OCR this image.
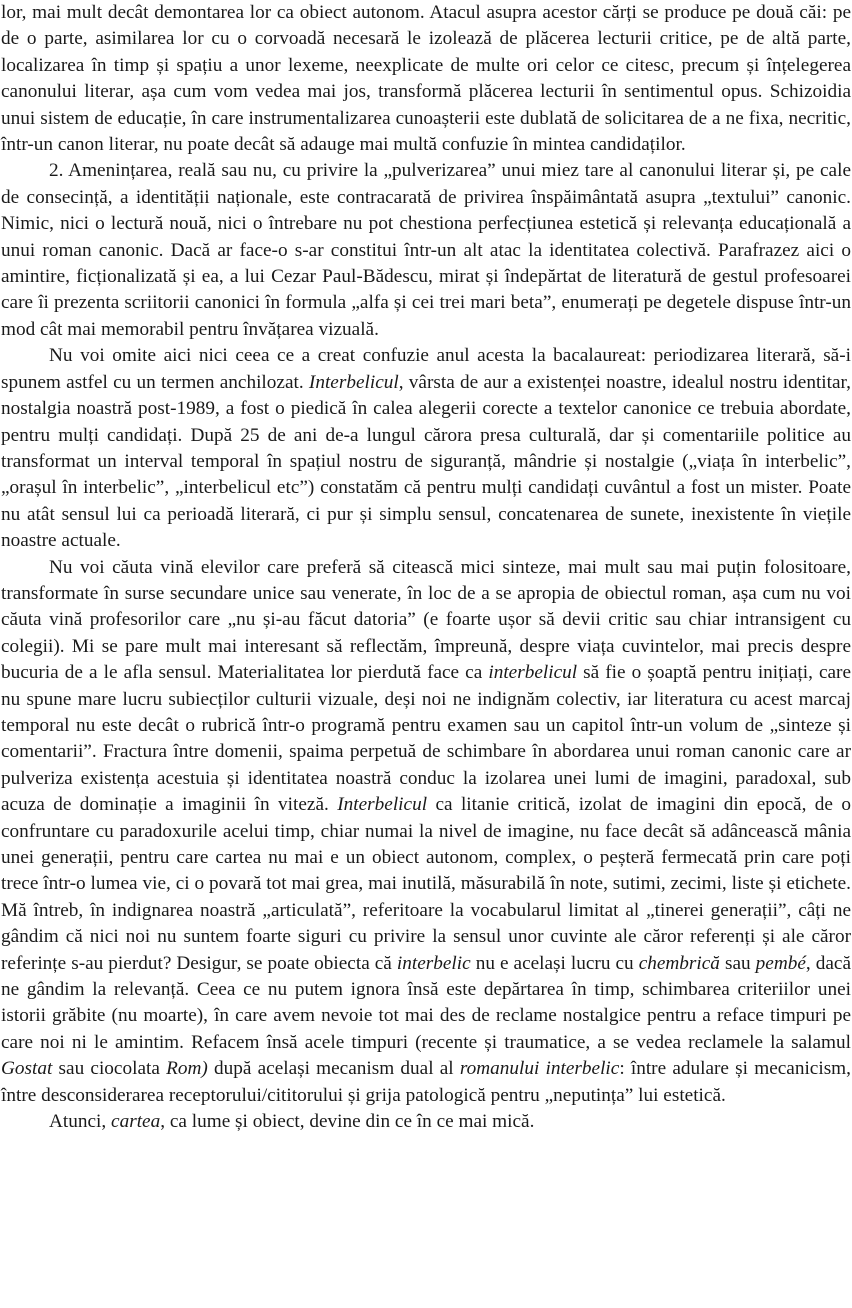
lor, mai mult decât demontarea lor ca obiect autonom. Atacul asupra acestor cărți se produce pe două căi: pe de o parte, asimilarea lor cu o corvoadă necesară le izolează de plăcerea lecturii critice, pe de altă parte, localizarea în timp și spațiu a unor lexeme, neexplicate de multe ori celor ce citesc, precum și înțelegerea canonului literar, așa cum vom vedea mai jos, transformă plăcerea lecturii în sentimentul opus. Schizoidia unui sistem de educație, în care instrumentalizarea cunoașterii este dublată de solicitarea de a ne fixa, necritic, într-un canon literar, nu poate decât să adauge mai multă confuzie în mintea candidaților.

2. Amenințarea, reală sau nu, cu privire la „pulverizarea” unui miez tare al canonului literar și, pe cale de consecință, a identității naționale, este contracarată de privirea înspăimântată asupra „textului” canonic. Nimic, nici o lectură nouă, nici o întrebare nu pot chestiona perfecțiunea estetică și relevanța educațională a unui roman canonic. Dacă ar face-o s-ar constitui într-un alt atac la identitatea colectivă. Parafrazez aici o amintire, ficționalizată și ea, a lui Cezar Paul-Bădescu, mirat și îndepărtat de literatură de gestul profesoarei care îi prezenta scriitorii canonici în formula „alfa și cei trei mari beta”, enumerați pe degetele dispuse într-un mod cât mai memorabil pentru învățarea vizuală.

Nu voi omite aici nici ceea ce a creat confuzie anul acesta la bacalaureat: periodizarea literară, să-i spunem astfel cu un termen anchilozat. Interbelicul, vârsta de aur a existenței noastre, idealul nostru identitar, nostalgia noastră post-1989, a fost o piedică în calea alegerii corecte a textelor canonice ce trebuia abordate, pentru mulți candidați. După 25 de ani de-a lungul cărora presa culturală, dar și comentariile politice au transformat un interval temporal în spațiul nostru de siguranță, mândrie și nostalgie („viața în interbelic”, „orașul în interbelic”, „interbelicul etc”) constatăm că pentru mulți candidați cuvântul a fost un mister. Poate nu atât sensul lui ca perioadă literară, ci pur și simplu sensul, concatenarea de sunete, inexistente în viețile noastre actuale.

Nu voi căuta vină elevilor care preferă să citească mici sinteze, mai mult sau mai puțin folositoare, transformate în surse secundare unice sau venerate, în loc de a se apropia de obiectul roman, așa cum nu voi căuta vină profesorilor care „nu și-au făcut datoria” (e foarte ușor să devii critic sau chiar intransigent cu colegii). Mi se pare mult mai interesant să reflectăm, împreună, despre viața cuvintelor, mai precis despre bucuria de a le afla sensul. Materialitatea lor pierdută face ca interbelicul să fie o șoaptă pentru inițiați, care nu spune mare lucru subiecților culturii vizuale, deși noi ne indignăm colectiv, iar literatura cu acest marcaj temporal nu este decât o rubrică într-o programă pentru examen sau un capitol într-un volum de „sinteze și comentarii”. Fractura între domenii, spaima perpetuă de schimbare în abordarea unui roman canonic care ar pulveriza existența acestuia și identitatea noastră conduc la izolarea unei lumi de imagini, paradoxal, sub acuza de dominație a imaginii în viteză. Interbelicul ca litanie critică, izolat de imagini din epocă, de o confruntare cu paradoxurile acelui timp, chiar numai la nivel de imagine, nu face decât să adâncească mânia unei generații, pentru care cartea nu mai e un obiect autonom, complex, o peșteră fermecată prin care poți trece într-o lumea vie, ci o povară tot mai grea, mai inutilă, măsurabilă în note, sutimi, zecimi, liste și etichete. Mă întreb, în indignarea noastră „articulată”, referitoare la vocabularul limitat al „tinerei generații”, câți ne gândim că nici noi nu suntem foarte siguri cu privire la sensul unor cuvinte ale căror referenți și ale căror referințe s-au pierdut? Desigur, se poate obiecta că interbelic nu e același lucru cu chembrică sau pembé, dacă ne gândim la relevanță. Ceea ce nu putem ignora însă este depărtarea în timp, schimbarea criteriilor unei istorii grăbite (nu moarte), în care avem nevoie tot mai des de reclame nostalgice pentru a reface timpuri pe care noi ni le amintim. Refacem însă acele timpuri (recente și traumatice, a se vedea reclamele la salamul Gostat sau ciocolata Rom) după același mecanism dual al romanului interbelic: între adulare și mecanicism, între desconsiderarea receptorului/cititorului și grija patologică pentru „neputința” lui estetică.

Atunci, cartea, ca lume și obiect, devine din ce în ce mai mică.
